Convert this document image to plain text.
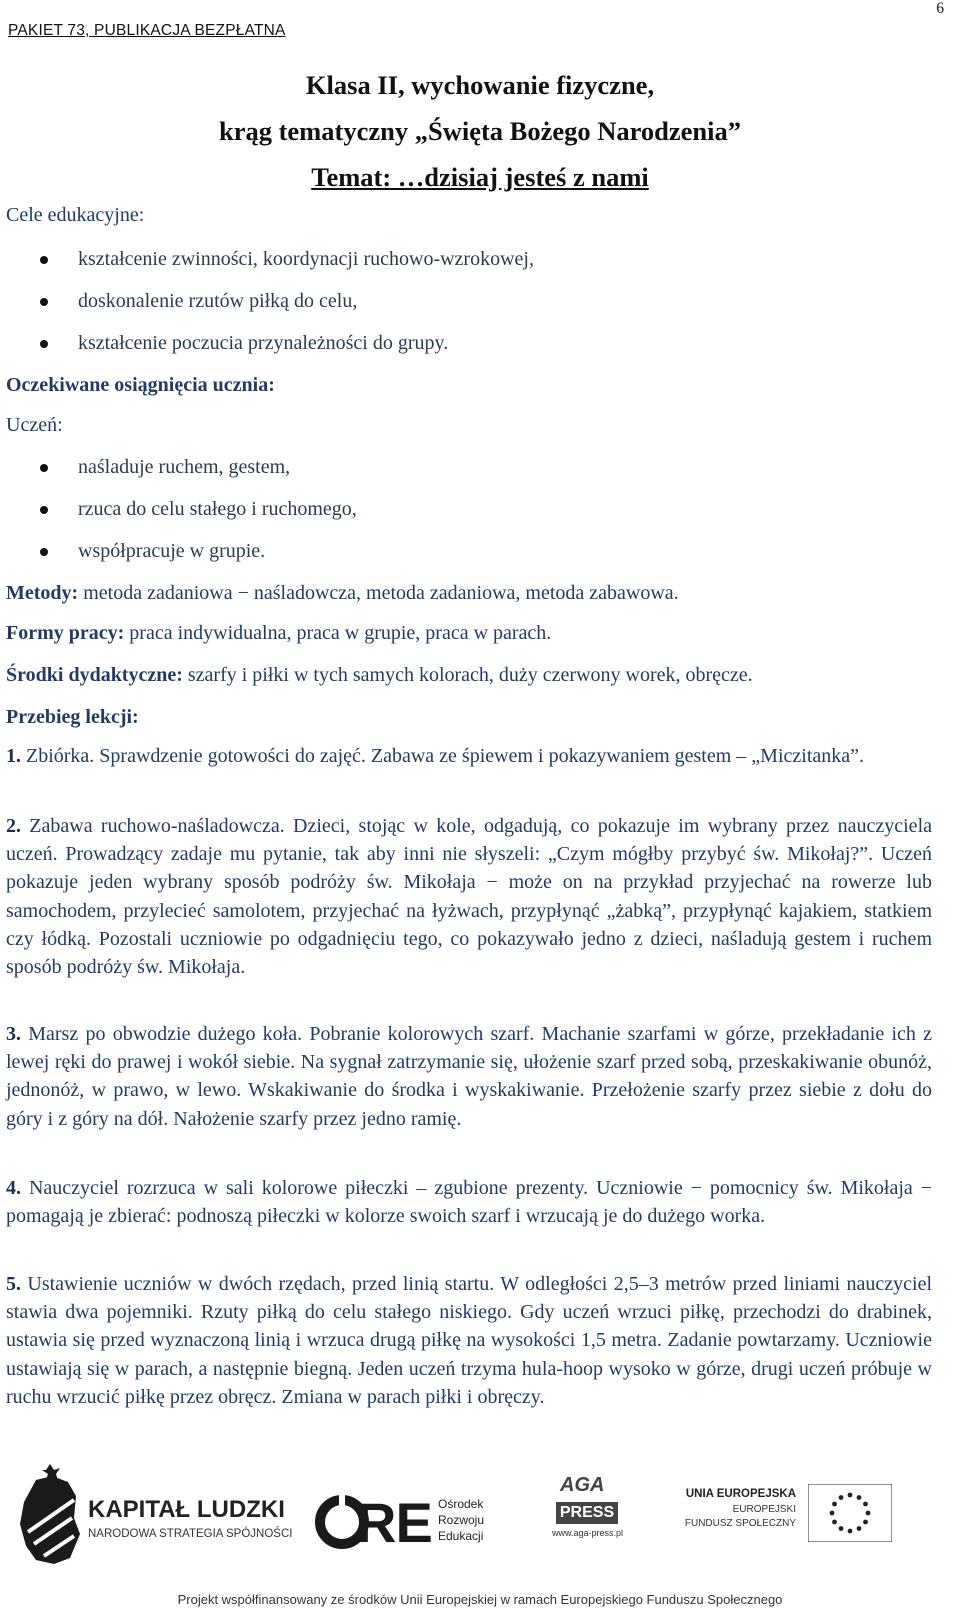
PAKIET 73, PUBLIKACJA BEZPŁATNA
6
Klasa II, wychowanie fizyczne,
krąg tematyczny „Święta Bożego Narodzenia”
Temat: …dzisiaj jesteś z nami
Cele edukacyjne:
kształcenie zwinności, koordynacji ruchowo-wzrokowej,
doskonalenie rzutów piłką do celu,
kształcenie poczucia przynależności do grupy.
Oczekiwane osiągnięcia ucznia:
Uczeń:
naśladuje ruchem, gestem,
rzuca do celu stałego i ruchomego,
współpracuje w grupie.
Metody: metoda zadaniowa − naśladowcza, metoda zadaniowa, metoda zabawowa.
Formy pracy: praca indywidualna, praca w grupie, praca w parach.
Środki dydaktyczne: szarfy i piłki w tych samych kolorach, duży czerwony worek, obręcze.
Przebieg lekcji:
1. Zbiórka. Sprawdzenie gotowości do zajęć. Zabawa ze śpiewem i pokazywaniem gestem – „Miczitanka”.
2. Zabawa ruchowo-naśladowcza. Dzieci, stojąc w kole, odgadują, co pokazuje im wybrany przez nauczyciela uczeń. Prowadzący zadaje mu pytanie, tak aby inni nie słyszeli: „Czym mógłby przybyć św. Mikołaj?”. Uczeń pokazuje jeden wybrany sposób podróży św. Mikołaja − może on na przykład przyjechać na rowerze lub samochodem, przylecieć samolotem, przyjechać na łyżwach, przypłynąć „żabką”, przypłynąć kajakiem, statkiem czy łódką. Pozostali uczniowie po odgadnięciu tego, co pokazywało jedno z dzieci, naśladują gestem i ruchem sposób podróży św. Mikołaja.
3. Marsz po obwodzie dużego koła. Pobranie kolorowych szarf. Machanie szarfami w górze, przekładanie ich z lewej ręki do prawej i wokół siebie. Na sygnał zatrzymanie się, ułożenie szarf przed sobą, przeskakiwanie obunóż, jednonóż, w prawo, w lewo. Wskakiwanie do środka i wyskakiwanie. Przełożenie szarfy przez siebie z dołu do góry i z góry na dół. Nałożenie szarfy przez jedno ramię.
4. Nauczyciel rozrzuca w sali kolorowe piłeczki – zgubione prezenty. Uczniowie − pomocnicy św. Mikołaja − pomagają je zbierać: podnoszą piłeczki w kolorze swoich szarf i wrzucają je do dużego worka.
5. Ustawienie uczniów w dwóch rzędach, przed linią startu. W odległości 2,5–3 metrów przed liniami nauczyciel stawia dwa pojemniki. Rzuty piłką do celu stałego niskiego. Gdy uczeń wrzuci piłkę, przechodzi do drabinek, ustawia się przed wyznaczoną linią i wrzuca drugą piłkę na wysokości 1,5 metra. Zadanie powtarzamy. Uczniowie ustawiają się w parach, a następnie biegną. Jeden uczeń trzyma hula-hoop wysoko w górze, drugi uczeń próbuje w ruchu wrzucić piłkę przez obręcz. Zmiana w parach piłki i obręczy.
KAPITAŁ LUDZKI
NARODOWA STRATEGIA SPÓJNOŚCI RE Ośrodek
Rozwoju
Edukacji
AGA
PRESS
www.aga-press.pl
UNIA EUROPEJSKA
EUROPEJSKI
FUNDUSZ SPOŁECZNY
Projekt współfinansowany ze środków Unii Europejskiej w ramach Europejskiego Funduszu Społecznego
